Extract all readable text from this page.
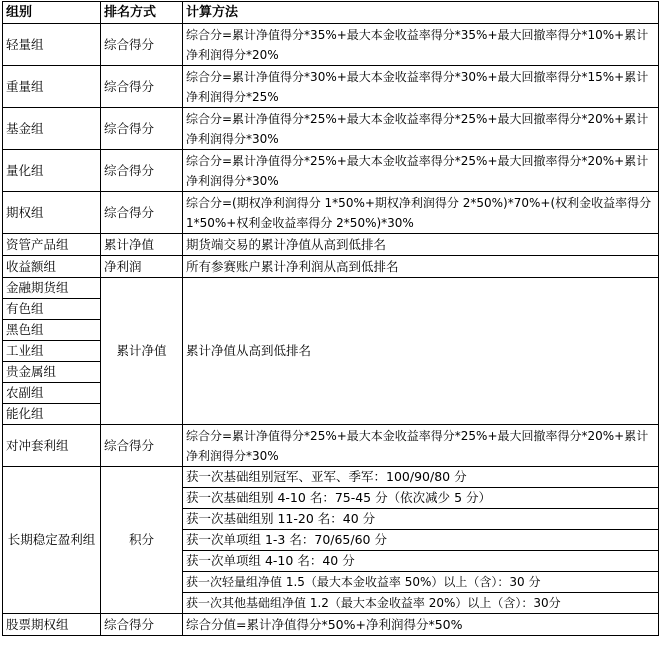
组别	排名方式	计算方法
轻量组	综合得分	综合分=累计净值得分*35%+最大本金收益率得分*35%+最大回撤率得分*10%+累计净利润得分*20%
重量组	综合得分	综合分=累计净值得分*30%+最大本金收益率得分*30%+最大回撤率得分*15%+累计净利润得分*25%
基金组	综合得分	综合分=累计净值得分*25%+最大本金收益率得分*25%+最大回撤率得分*20%+累计净利润得分*30%
量化组	综合得分	综合分=累计净值得分*25%+最大本金收益率得分*25%+最大回撤率得分*20%+累计净利润得分*30%
期权组	综合得分	综合分=(期权净利润得分 1*50%+期权净利润得分 2*50%)*70%+(权利金收益率得分 1*50%+权利金收益率得分 2*50%)*30%
资管产品组	累计净值	期货端交易的累计净值从高到低排名
收益额组	净利润	所有参赛账户累计净利润从高到低排名
金融期货组	累计净值	累计净值从高到低排名
有色组		
黑色组		
工业组		
贵金属组		
农副组		
能化组		
对冲套利组	综合得分	综合分=累计净值得分*25%+最大本金收益率得分*25%+最大回撤率得分*20%+累计净利润得分*30%
长期稳定盈利组	积分	获一次基础组别冠军、亚军、季军：100/90/80 分
		获一次基础组别 4-10 名：75-45 分（依次减少 5 分）
		获一次基础组别 11-20 名：40 分
		获一次单项组 1-3 名：70/65/60 分
		获一次单项组 4-10 名：40 分
		获一次轻量组净值 1.5（最大本金收益率 50%）以上（含）：30 分
		获一次其他基础组净值 1.2（最大本金收益率 20%）以上（含）：30分
股票期权组	综合得分	综合分值=累计净值得分*50%+净利润得分*50%
